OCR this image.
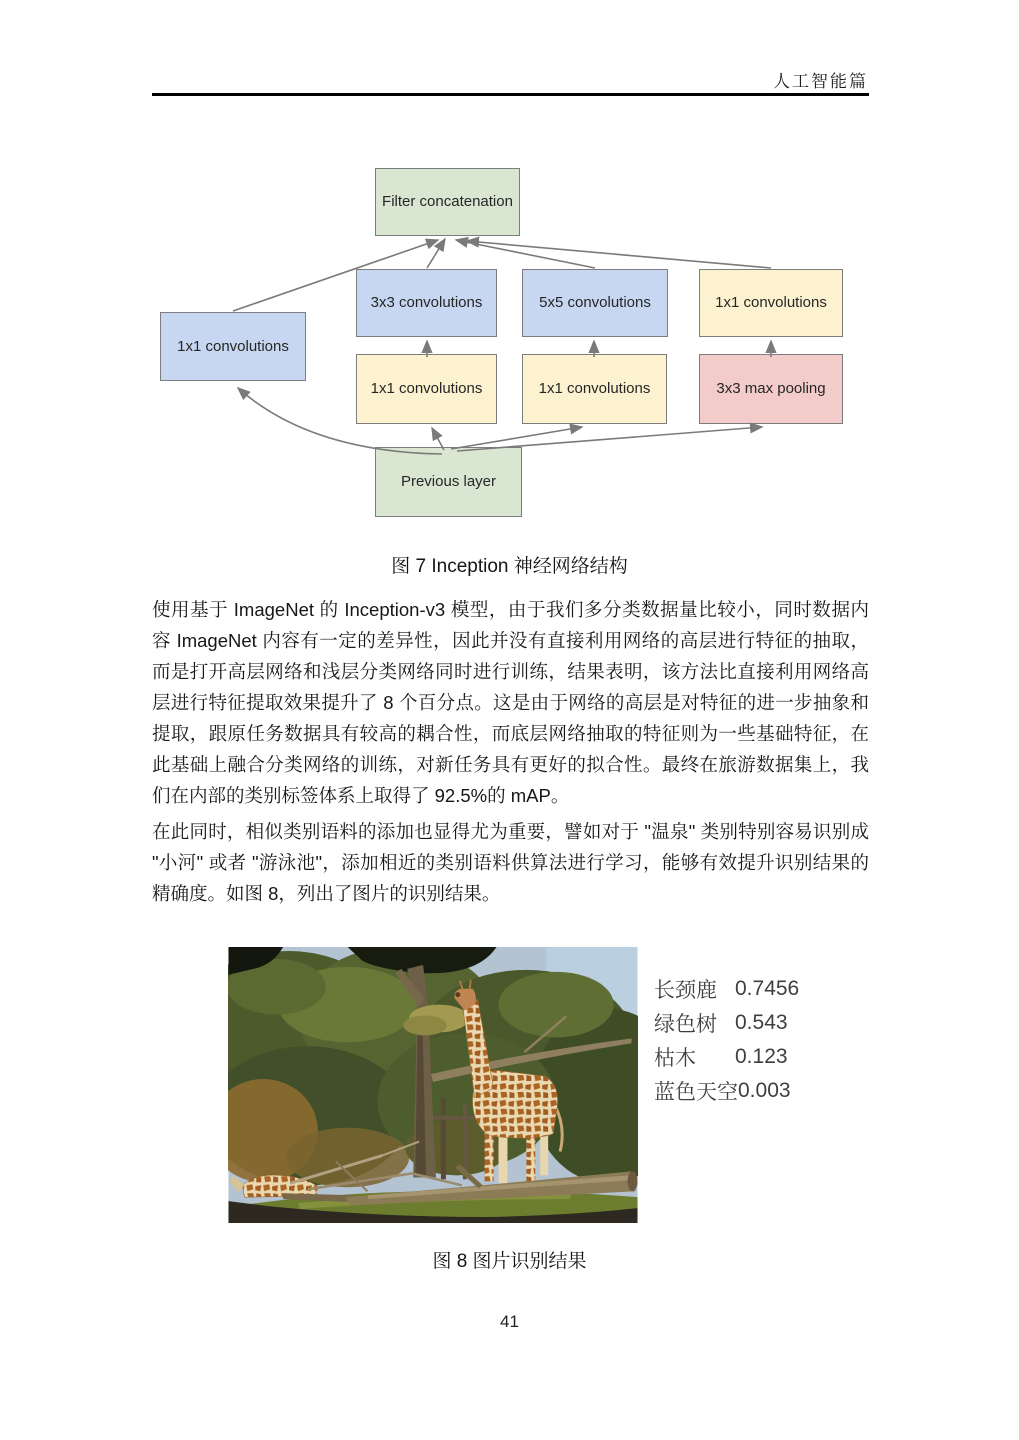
人工智能篇
Filter concatenation
3x3 convolutions	5x5 convolutions	1x1 convolutions
1x1 convolutions
1x1 convolutions	1x1 convolutions	3x3 max pooling
Previous layer
图 7 Inception 神经网络结构
使用基于 ImageNet 的 Inception-v3 模型，由于我们多分类数据量比较小，同时数据内容 ImageNet 内容有一定的差异性，因此并没有直接利用网络的高层进行特征的抽取，而是打开高层网络和浅层分类网络同时进行训练，结果表明，该方法比直接利用网络高层进行特征提取效果提升了 8 个百分点。这是由于网络的高层是对特征的进一步抽象和提取，跟原任务数据具有较高的耦合性，而底层网络抽取的特征则为一些基础特征，在此基础上融合分类网络的训练，对新任务具有更好的拟合性。最终在旅游数据集上，我们在内部的类别标签体系上取得了 92.5%的 mAP。
在此同时，相似类别语料的添加也显得尤为重要，譬如对于 "温泉" 类别特别容易识别成 "小河" 或者 "游泳池"，添加相近的类别语料供算法进行学习，能够有效提升识别结果的精确度。如图 8，列出了图片的识别结果。
长颈鹿 0.7456
绿色树 0.543
枯木	0.123
蓝色天空 0.003
图 8 图片识别结果
41
